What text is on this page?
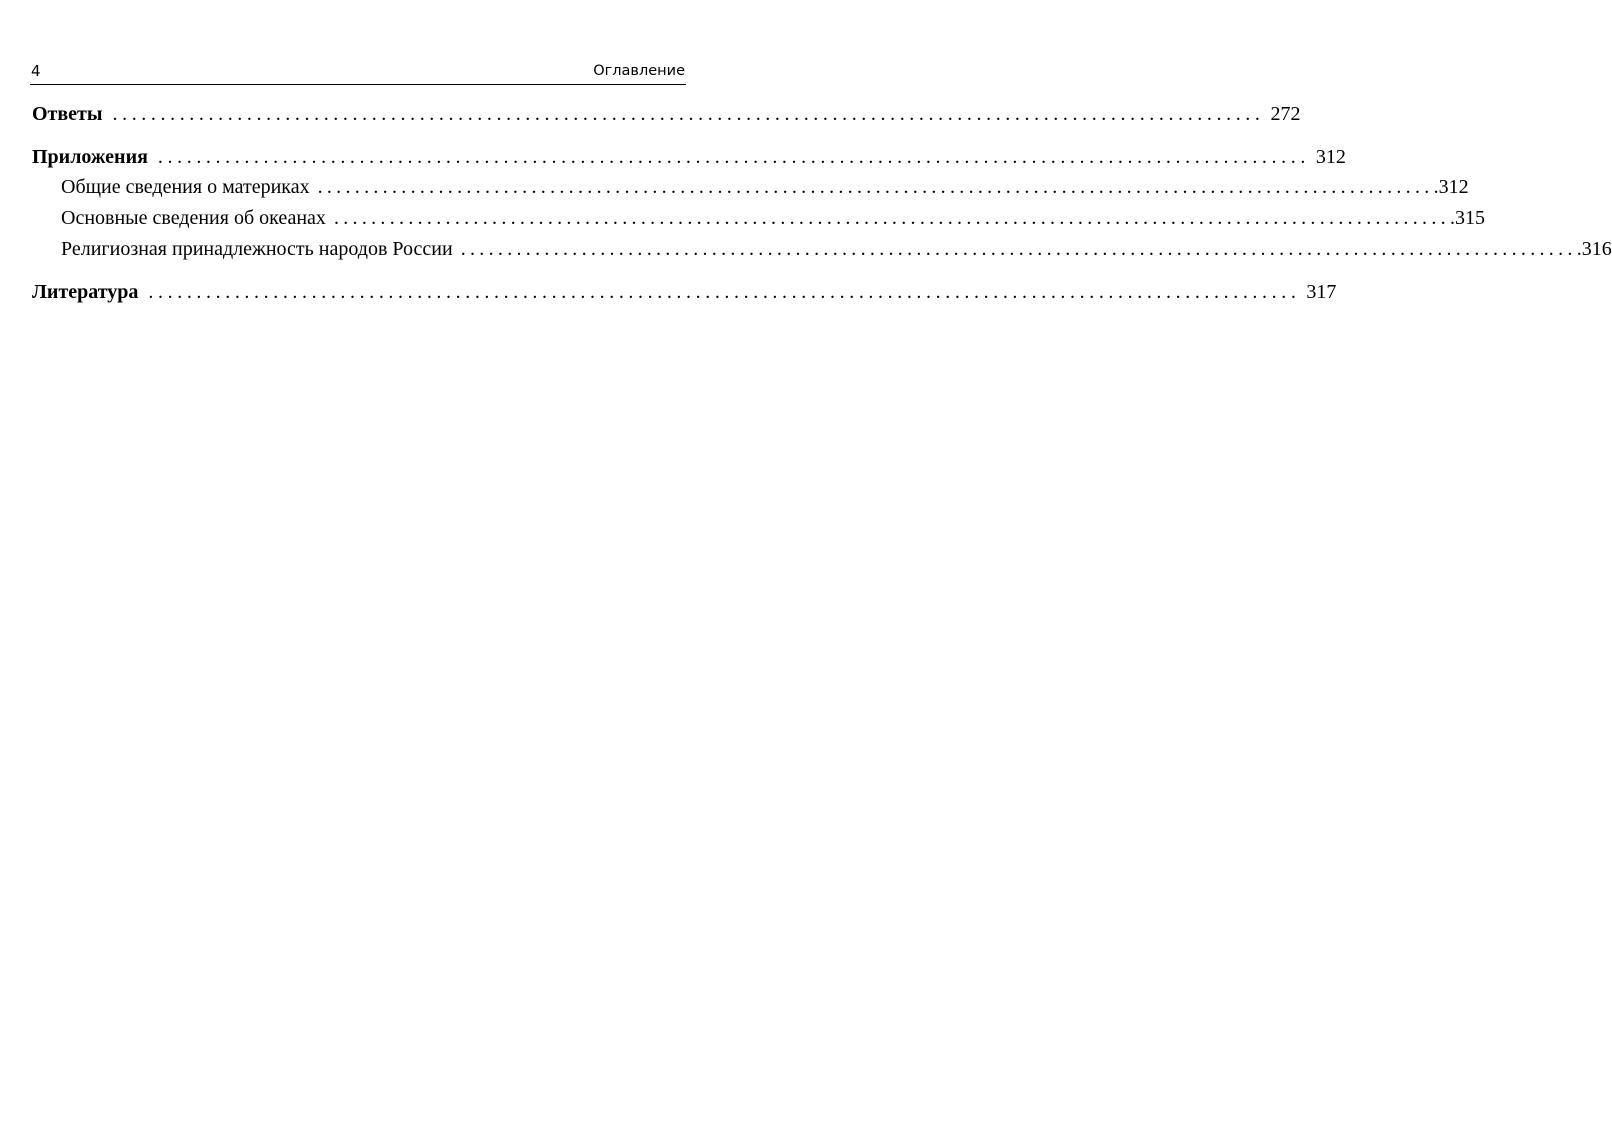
4	Оглавление
Ответы ........................................................................................................................ 272
Приложения ........................................................................................................................ 312
Общие сведения о материках ........................................................................................................................ .312
Основные сведения об океанах ........................................................................................................................ .315
Религиозная принадлежность народов России ........................................................................................................................ .316
Литература ........................................................................................................................ 317
